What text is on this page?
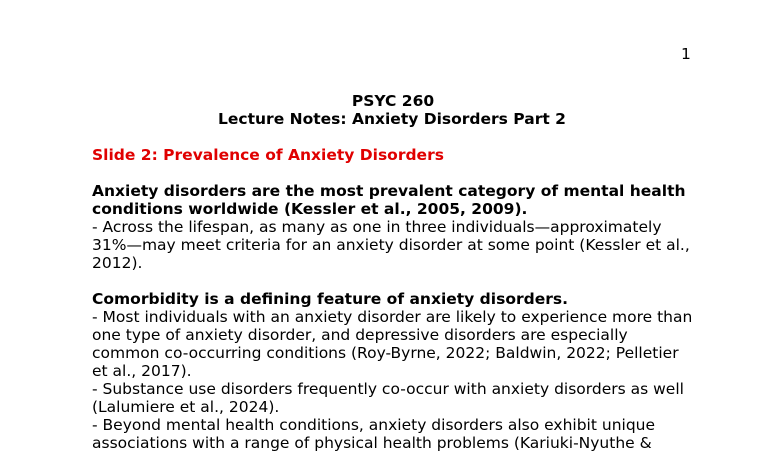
1
PSYC 260
Lecture Notes: Anxiety Disorders Part 2
Slide 2: Prevalence of Anxiety Disorders
Anxiety disorders are the most prevalent category of mental health
conditions worldwide (Kessler et al., 2005, 2009).
- Across the lifespan, as many as one in three individuals—approximately
31%—may meet criteria for an anxiety disorder at some point (Kessler et al.,
2012).
Comorbidity is a defining feature of anxiety disorders.
- Most individuals with an anxiety disorder are likely to experience more than
one type of anxiety disorder, and depressive disorders are especially
common co-occurring conditions (Roy-Byrne, 2022; Baldwin, 2022; Pelletier
et al., 2017).
- Substance use disorders frequently co-occur with anxiety disorders as well
(Lalumiere et al., 2024).
- Beyond mental health conditions, anxiety disorders also exhibit unique
associations with a range of physical health problems (Kariuki-Nyuthe &
